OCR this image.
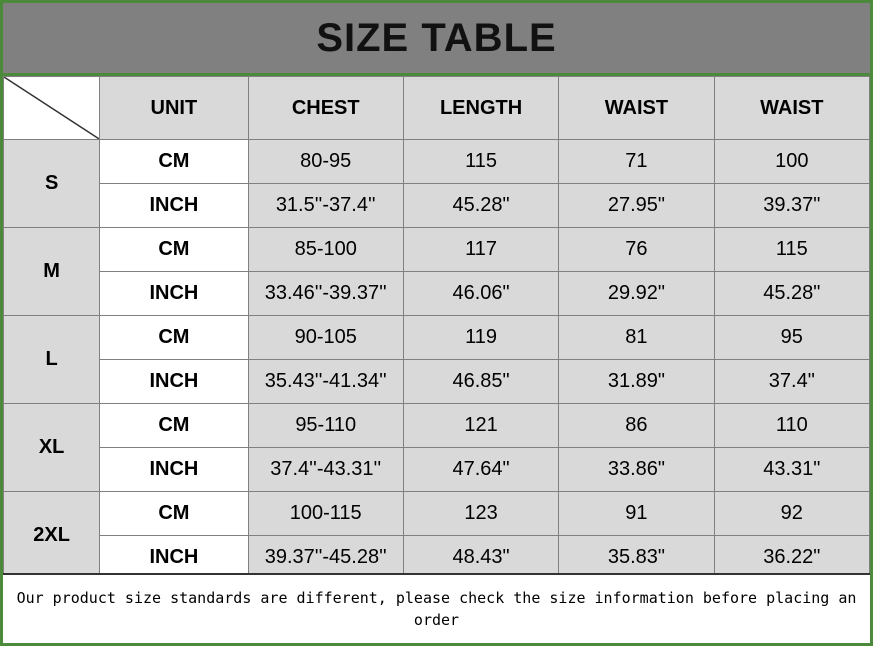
SIZE TABLE
	UNIT	CHEST	LENGTH	WAIST	WAIST
S	CM	80-95	115	71	100
	INCH	31.5''-37.4''	45.28"	27.95"	39.37"
M	CM	85-100	117	76	115
	INCH	33.46''-39.37''	46.06"	29.92"	45.28"
L	CM	90-105	119	81	95
	INCH	35.43''-41.34''	46.85"	31.89"	37.4"
XL	CM	95-110	121	86	110
	INCH	37.4''-43.31''	47.64"	33.86"	43.31"
2XL	CM	100-115	123	91	92
	INCH	39.37''-45.28''	48.43"	35.83"	36.22"
Our product size standards are different, please check the size information before placing an order
